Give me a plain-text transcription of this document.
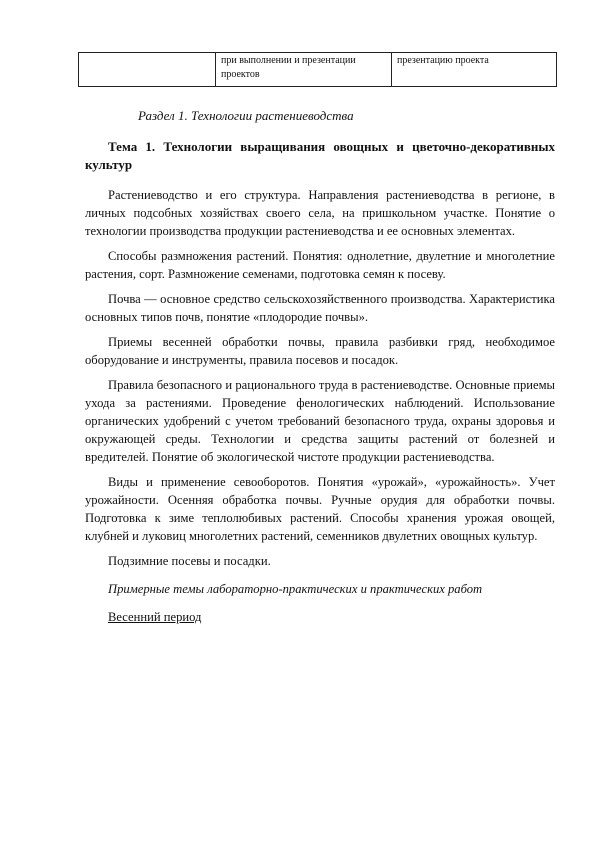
	при выполнении и презентации проектов	презентацию проекта
Раздел 1. Технологии растениеводства
Тема 1. Технологии выращивания овощных и цветочно-декоративных культур

Растениеводство и его структура. Направления растениеводства в регионе, в личных подсобных хозяйствах своего села, на пришкольном участке. Понятие о технологии производства продукции растениеводства и ее основных элементах.

Способы размножения растений. Понятия: однолетние, двулетние и многолетние растения, сорт. Размножение семенами, подготовка семян к посеву.

Почва — основное средство сельскохозяйственного производства. Характеристика основных типов почв, понятие «плодородие почвы».

Приемы весенней обработки почвы, правила разбивки гряд, необходимое оборудование и инструменты, правила посевов и посадок.

Правила безопасного и рационального труда в растениеводстве. Основные приемы ухода за растениями. Проведение фенологических наблюдений. Использование органических удобрений с учетом требований безопасного труда, охраны здоровья и окружающей среды. Технологии и средства защиты растений от болезней и вредителей. Понятие об экологической чистоте продукции растениеводства.

Виды и применение севооборотов. Понятия «урожай», «урожайность». Учет урожайности. Осенняя обработка почвы. Ручные орудия для обработки почвы. Подготовка к зиме теплолюбивых растений. Способы хранения урожая овощей, клубней и луковиц многолетних растений, семенников двулетних овощных культур.

Подзимние посевы и посадки.

Примерные темы лабораторно-практических и практических работ

Весенний период
